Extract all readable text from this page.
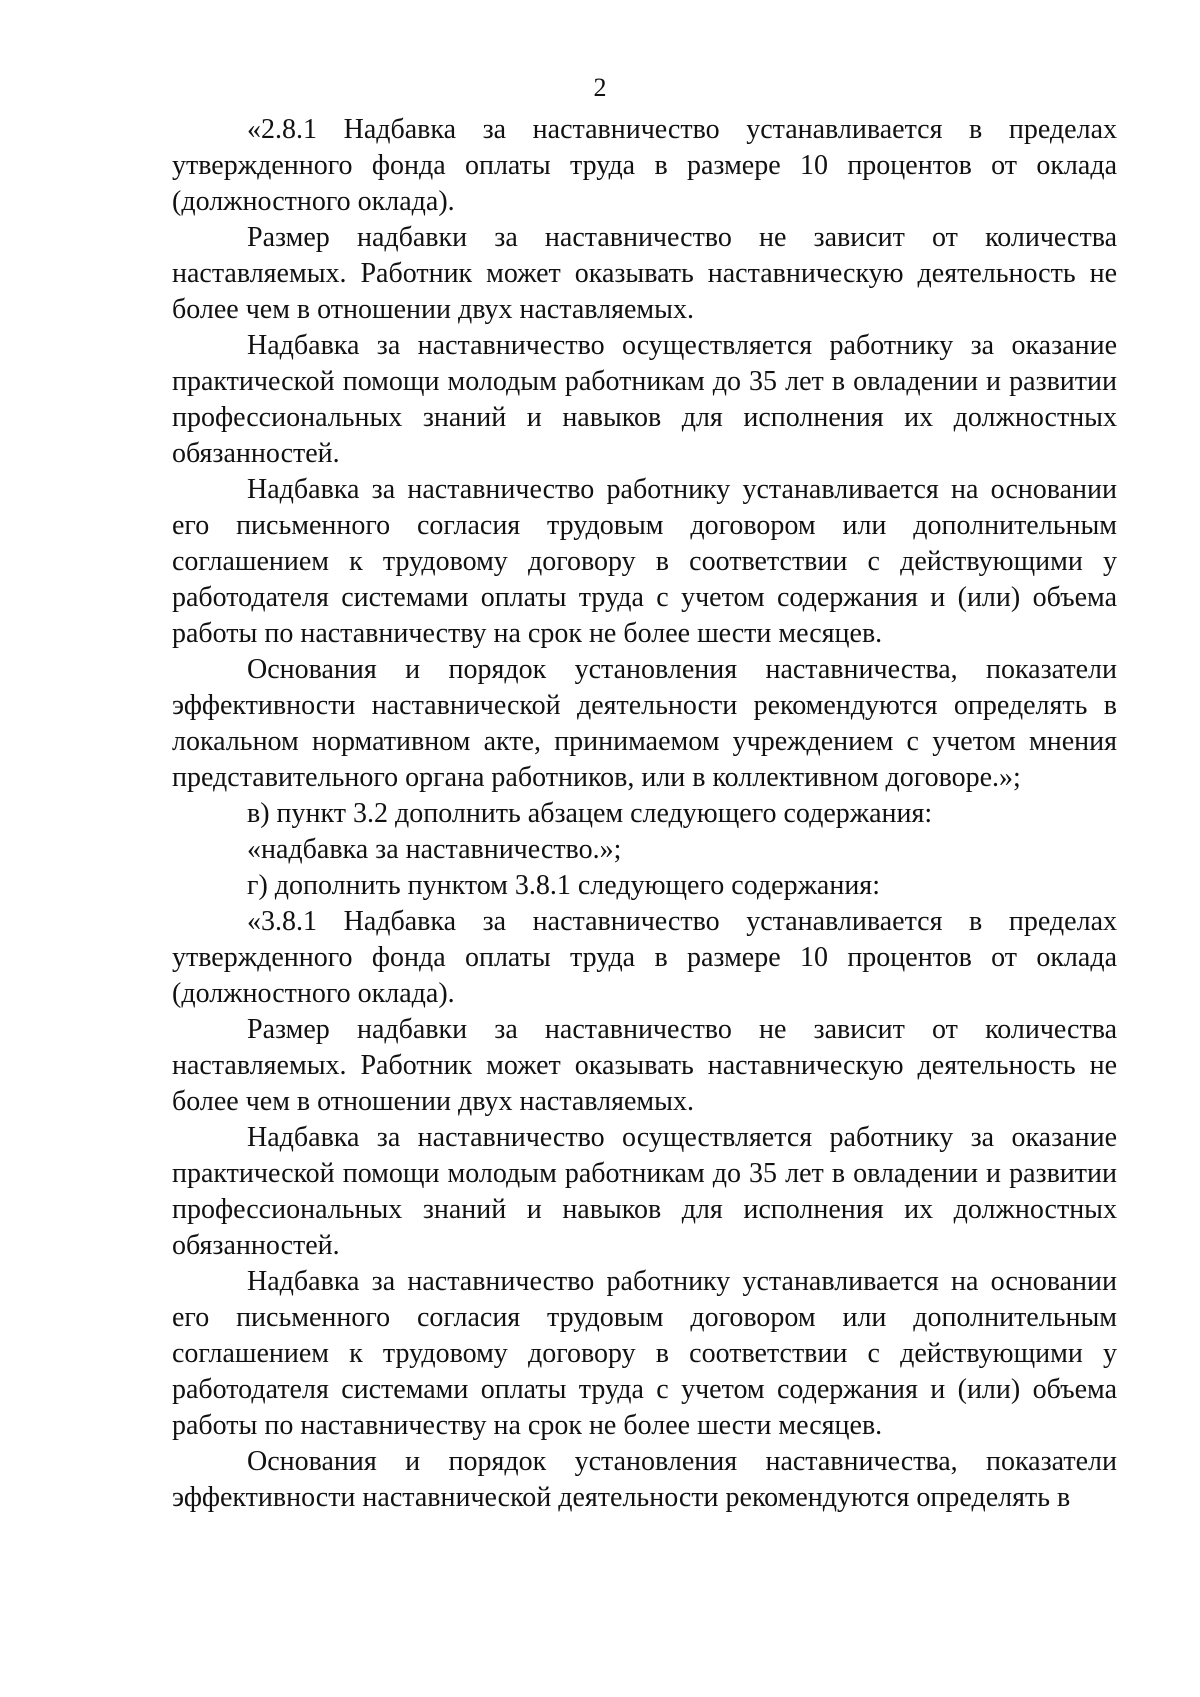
2

«2.8.1 Надбавка за наставничество устанавливается в пределах утвержденного фонда оплаты труда в размере 10 процентов от оклада (должностного оклада).

Размер надбавки за наставничество не зависит от количества наставляемых. Работник может оказывать наставническую деятельность не более чем в отношении двух наставляемых.

Надбавка за наставничество осуществляется работнику за оказание практической помощи молодым работникам до 35 лет в овладении и развитии профессиональных знаний и навыков для исполнения их должностных обязанностей.

Надбавка за наставничество работнику устанавливается на основании его письменного согласия трудовым договором или дополнительным соглашением к трудовому договору в соответствии с действующими у работодателя системами оплаты труда с учетом содержания и (или) объема работы по наставничеству на срок не более шести месяцев.

Основания и порядок установления наставничества, показатели эффективности наставнической деятельности рекомендуются определять в локальном нормативном акте, принимаемом учреждением с учетом мнения представительного органа работников, или в коллективном договоре.»;

в) пункт 3.2 дополнить абзацем следующего содержания:

«надбавка за наставничество.»;

г) дополнить пунктом 3.8.1 следующего содержания:

«3.8.1 Надбавка за наставничество устанавливается в пределах утвержденного фонда оплаты труда в размере 10 процентов от оклада (должностного оклада).

Размер надбавки за наставничество не зависит от количества наставляемых. Работник может оказывать наставническую деятельность не более чем в отношении двух наставляемых.

Надбавка за наставничество осуществляется работнику за оказание практической помощи молодым работникам до 35 лет в овладении и развитии профессиональных знаний и навыков для исполнения их должностных обязанностей.

Надбавка за наставничество работнику устанавливается на основании его письменного согласия трудовым договором или дополнительным соглашением к трудовому договору в соответствии с действующими у работодателя системами оплаты труда с учетом содержания и (или) объема работы по наставничеству на срок не более шести месяцев.

Основания и порядок установления наставничества, показатели эффективности наставнической деятельности рекомендуются определять в
